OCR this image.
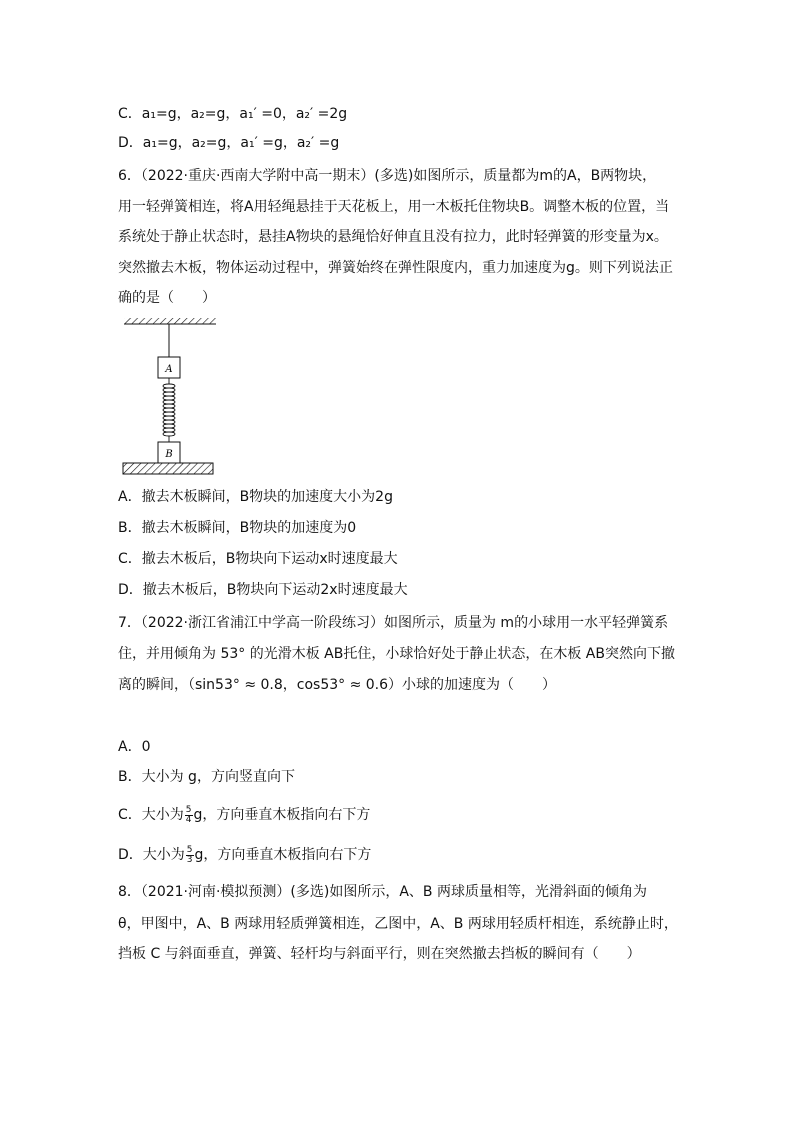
C．a₁=g，a₂=g，a₁′ =0，a₂′ =2g
D．a₁=g，a₂=g，a₁′ =g，a₂′ =g
6．（2022·重庆·西南大学附中高一期末）(多选)如图所示，质量都为m的A，B两物块，
用一轻弹簧相连，将A用轻绳悬挂于天花板上，用一木板托住物块B。调整木板的位置，当
系统处于静止状态时，悬挂A物块的悬绳恰好伸直且没有拉力，此时轻弹簧的形变量为x。
突然撤去木板，物体运动过程中，弹簧始终在弹性限度内，重力加速度为g。则下列说法正
确的是（　　）
A
B
A．撤去木板瞬间，B物块的加速度大小为2g
B．撤去木板瞬间，B物块的加速度为0
C．撤去木板后，B物块向下运动x时速度最大
D．撤去木板后，B物块向下运动2x时速度最大
7．（2022·浙江省浦江中学高一阶段练习）如图所示，质量为 m的小球用一水平轻弹簧系
住，并用倾角为 53° 的光滑木板 AB托住，小球恰好处于静止状态，在木板 AB突然向下撤
离的瞬间，（sin53° ≈ 0.8，cos53° ≈ 0.6）小球的加速度为（　　）
A．0
B．大小为 g，方向竖直向下
C．大小为 $\frac{5}{4}$ g，方向垂直木板指向右下方
D．大小为 $\frac{5}{3}$ g，方向垂直木板指向右下方
8．（2021·河南·模拟预测）(多选)如图所示，A、B 两球质量相等，光滑斜面的倾角为
θ，甲图中，A、B 两球用轻质弹簧相连，乙图中，A、B 两球用轻质杆相连，系统静止时，
挡板 C 与斜面垂直，弹簧、轻杆均与斜面平行，则在突然撤去挡板的瞬间有（　　）
